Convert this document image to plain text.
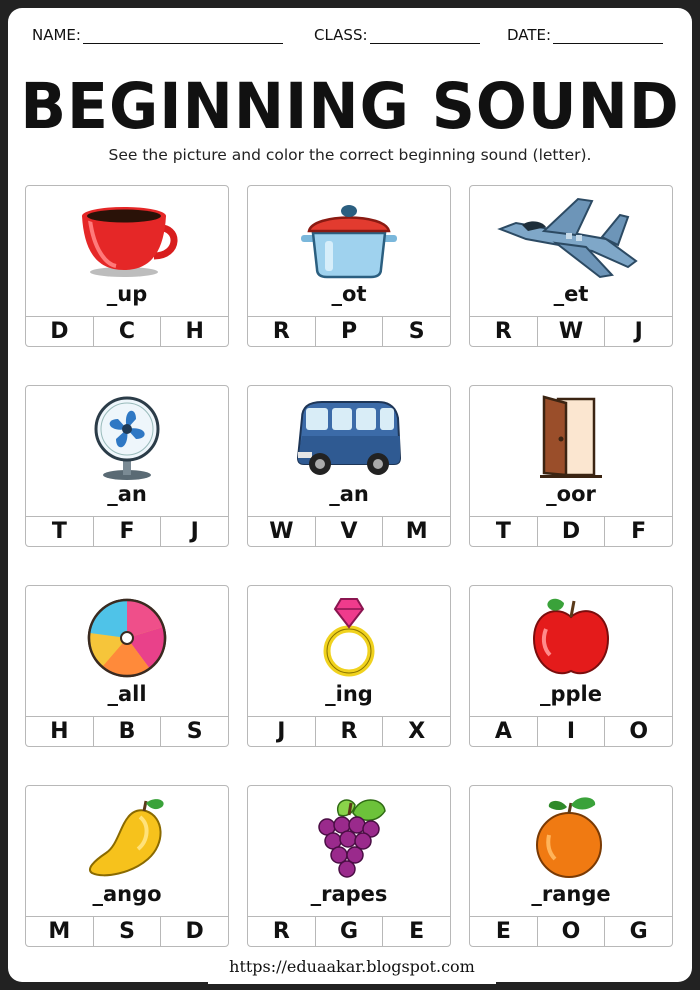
NAME:	CLASS:	DATE:
BEGINNING SOUND
See the picture and color the correct beginning sound (letter).
_up
D	C	H
_ot
R	P	S
_et
R	W	J
_an
T	F	J
_an
W	V	M
_oor
T	D	F
_all
H	B	S
_ing
J	R	X
_pple
A	I	O
_ango
M	S	D
_rapes
R	G	E
_range
E	O	G
https://eduaakar.blogspot.com
